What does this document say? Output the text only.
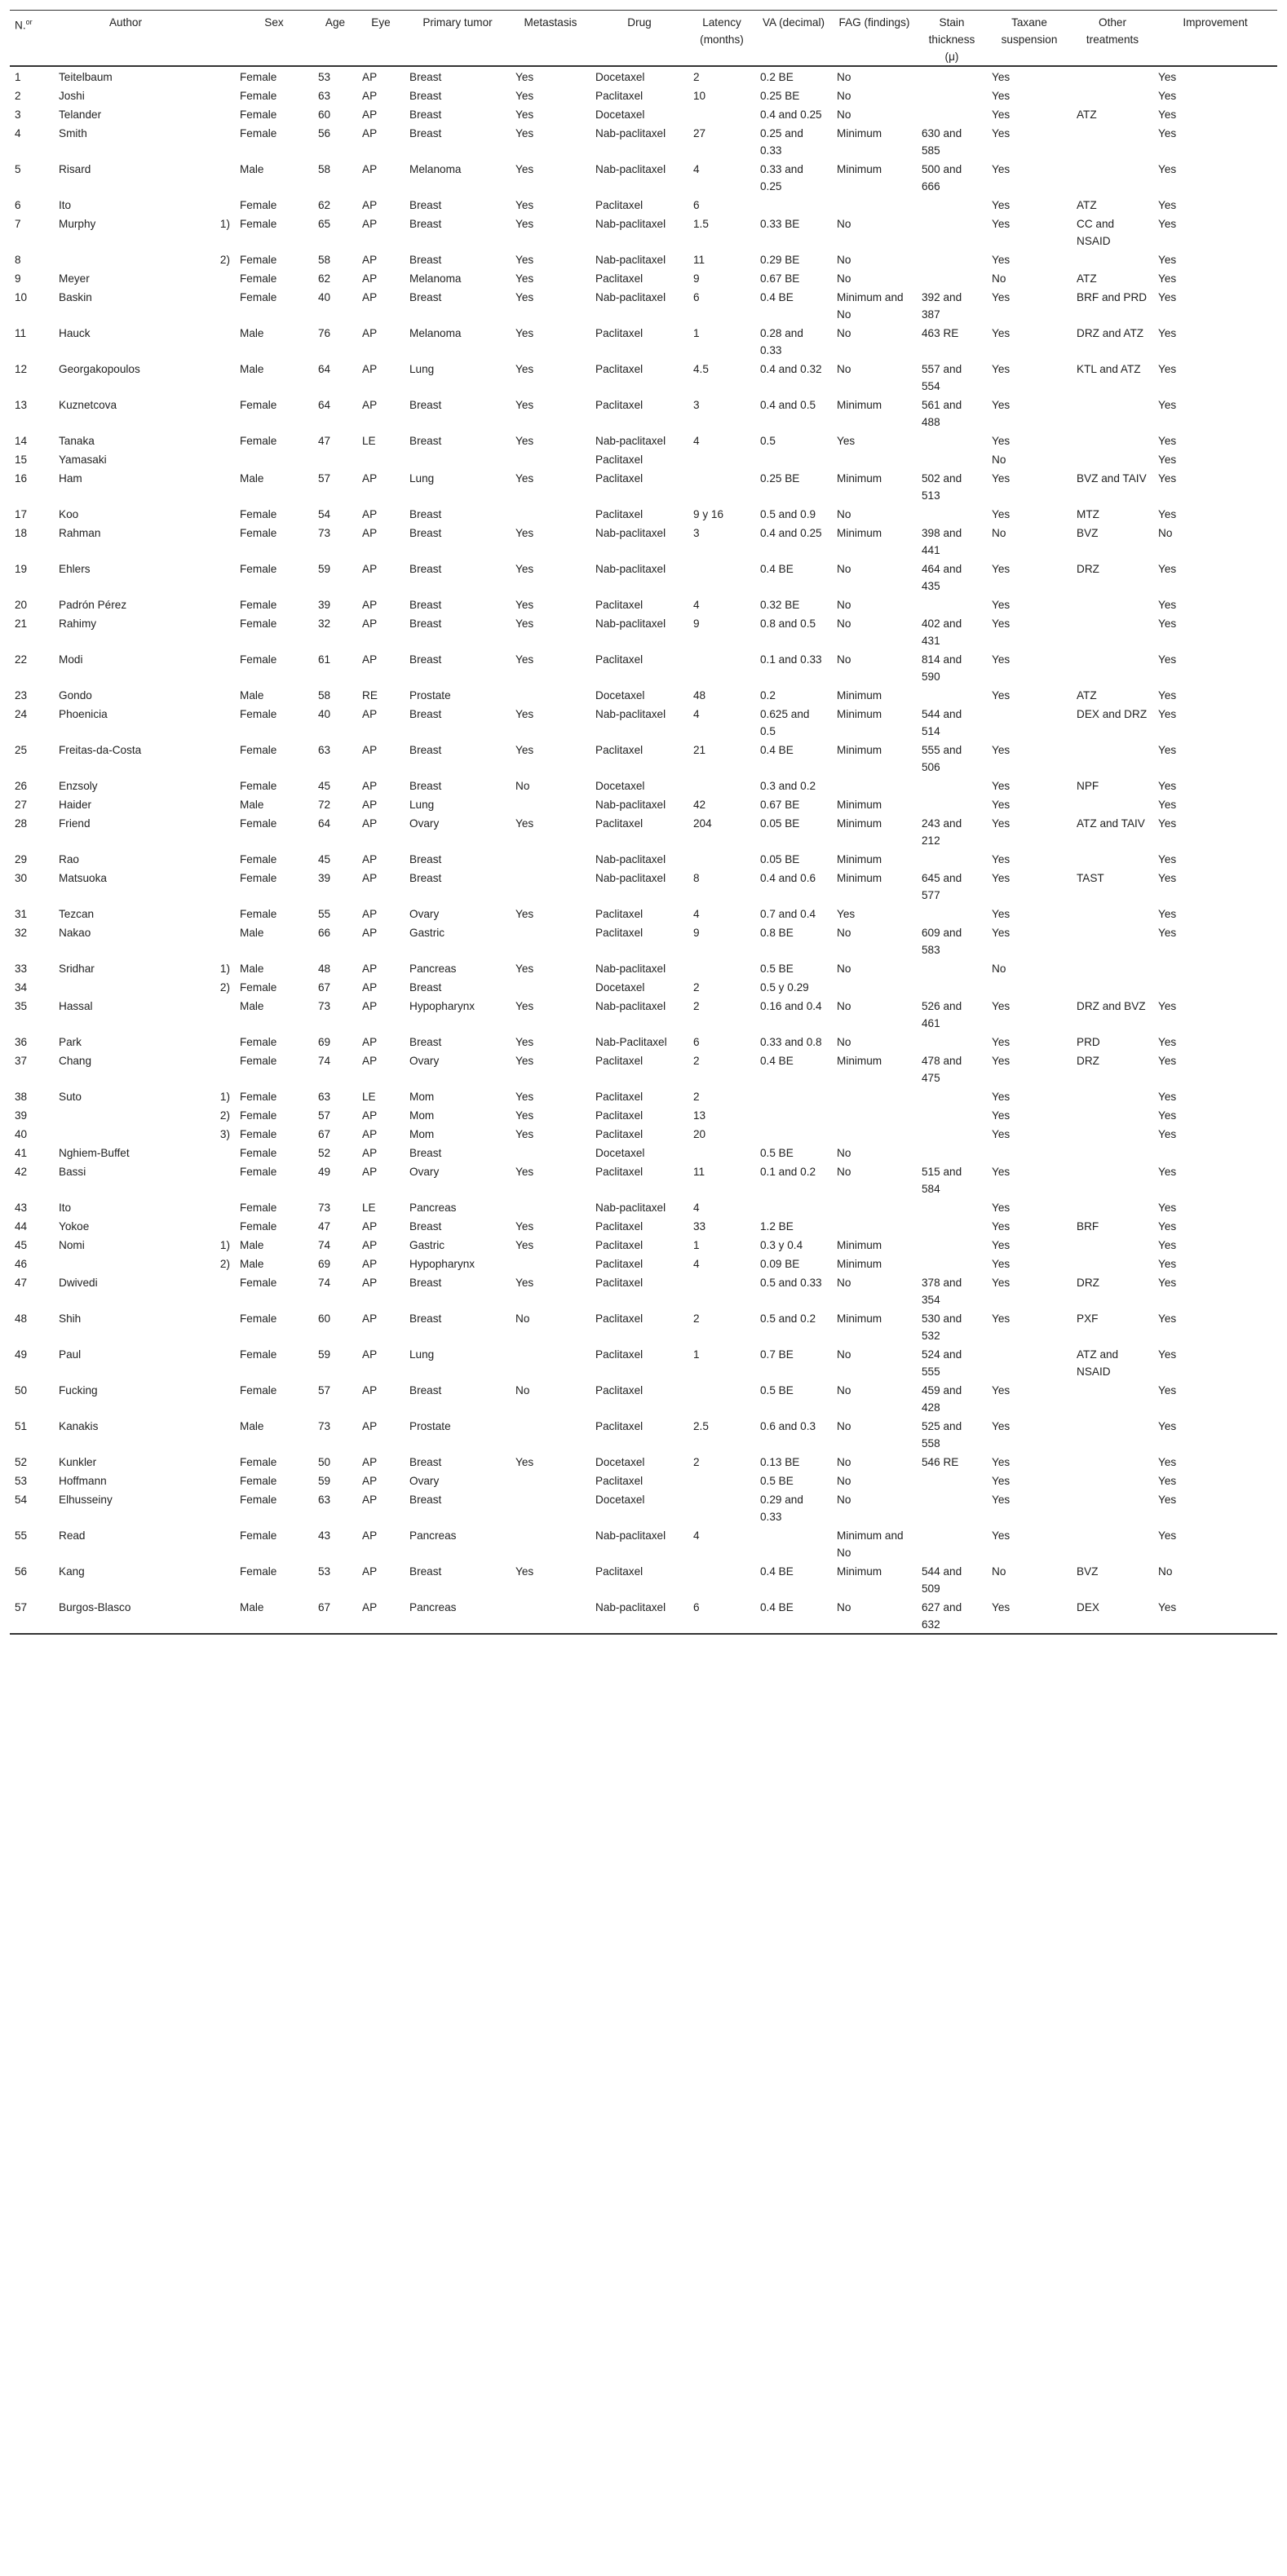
N.$^{or}$	Author		Sex	Age	Eye	Primary tumor	Metastasis	Drug	Latency (months)	VA (decimal)	FAG (findings)	Stain thickness (μ)	Taxane suspension	Other treatments	Improvement
1	Teitelbaum		Female	53	AP	Breast	Yes	Docetaxel	2	0.2 BE	No		Yes		Yes
2	Joshi		Female	63	AP	Breast	Yes	Paclitaxel	10	0.25 BE	No		Yes		Yes
3	Telander		Female	60	AP	Breast	Yes	Docetaxel		0.4 and 0.25	No		Yes	ATZ	Yes
4	Smith		Female	56	AP	Breast	Yes	Nab-paclitaxel	27	0.25 and 0.33	Minimum	630 and 585	Yes		Yes
5	Risard		Male	58	AP	Melanoma	Yes	Nab-paclitaxel	4	0.33 and 0.25	Minimum	500 and 666	Yes		Yes
6	Ito		Female	62	AP	Breast	Yes	Paclitaxel	6				Yes	ATZ	Yes
7	Murphy	1)	Female	65	AP	Breast	Yes	Nab-paclitaxel	1.5	0.33 BE	No		Yes	CC and NSAID	Yes
8		2)	Female	58	AP	Breast	Yes	Nab-paclitaxel	11	0.29 BE	No		Yes		Yes
9	Meyer		Female	62	AP	Melanoma	Yes	Paclitaxel	9	0.67 BE	No		No	ATZ	Yes
10	Baskin		Female	40	AP	Breast	Yes	Nab-paclitaxel	6	0.4 BE	Minimum and No	392 and 387	Yes	BRF and PRD	Yes
11	Hauck		Male	76	AP	Melanoma	Yes	Paclitaxel	1	0.28 and 0.33	No	463 RE	Yes	DRZ and ATZ	Yes
12	Georgakopoulos		Male	64	AP	Lung	Yes	Paclitaxel	4.5	0.4 and 0.32	No	557 and 554	Yes	KTL and ATZ	Yes
13	Kuznetcova		Female	64	AP	Breast	Yes	Paclitaxel	3	0.4 and 0.5	Minimum	561 and 488	Yes		Yes
14	Tanaka		Female	47	LE	Breast	Yes	Nab-paclitaxel	4	0.5	Yes		Yes		Yes
15	Yamasaki							Paclitaxel					No		Yes
16	Ham		Male	57	AP	Lung	Yes	Paclitaxel		0.25 BE	Minimum	502 and 513	Yes	BVZ and TAIV	Yes
17	Koo		Female	54	AP	Breast		Paclitaxel	9 y 16	0.5 and 0.9	No		Yes	MTZ	Yes
18	Rahman		Female	73	AP	Breast	Yes	Nab-paclitaxel	3	0.4 and 0.25	Minimum	398 and 441	No	BVZ	No
19	Ehlers		Female	59	AP	Breast	Yes	Nab-paclitaxel		0.4 BE	No	464 and 435	Yes	DRZ	Yes
20	Padrón Pérez		Female	39	AP	Breast	Yes	Paclitaxel	4	0.32 BE	No		Yes		Yes
21	Rahimy		Female	32	AP	Breast	Yes	Nab-paclitaxel	9	0.8 and 0.5	No	402 and 431	Yes		Yes
22	Modi		Female	61	AP	Breast	Yes	Paclitaxel		0.1 and 0.33	No	814 and 590	Yes		Yes
23	Gondo		Male	58	RE	Prostate		Docetaxel	48	0.2	Minimum		Yes	ATZ	Yes
24	Phoenicia		Female	40	AP	Breast	Yes	Nab-paclitaxel	4	0.625 and 0.5	Minimum	544 and 514		DEX and DRZ	Yes
25	Freitas-da-Costa		Female	63	AP	Breast	Yes	Paclitaxel	21	0.4 BE	Minimum	555 and 506	Yes		Yes
26	Enzsoly		Female	45	AP	Breast	No	Docetaxel		0.3 and 0.2			Yes	NPF	Yes
27	Haider		Male	72	AP	Lung		Nab-paclitaxel	42	0.67 BE	Minimum		Yes		Yes
28	Friend		Female	64	AP	Ovary	Yes	Paclitaxel	204	0.05 BE	Minimum	243 and 212	Yes	ATZ and TAIV	Yes
29	Rao		Female	45	AP	Breast		Nab-paclitaxel		0.05 BE	Minimum		Yes		Yes
30	Matsuoka		Female	39	AP	Breast		Nab-paclitaxel	8	0.4 and 0.6	Minimum	645 and 577	Yes	TAST	Yes
31	Tezcan		Female	55	AP	Ovary	Yes	Paclitaxel	4	0.7 and 0.4	Yes		Yes		Yes
32	Nakao		Male	66	AP	Gastric		Paclitaxel	9	0.8 BE	No	609 and 583	Yes		Yes
33	Sridhar	1)	Male	48	AP	Pancreas	Yes	Nab-paclitaxel		0.5 BE	No		No		
34		2)	Female	67	AP	Breast		Docetaxel	2	0.5 y 0.29					
35	Hassal		Male	73	AP	Hypopharynx	Yes	Nab-paclitaxel	2	0.16 and 0.4	No	526 and 461	Yes	DRZ and BVZ	Yes
36	Park		Female	69	AP	Breast	Yes	Nab-Paclitaxel	6	0.33 and 0.8	No		Yes	PRD	Yes
37	Chang		Female	74	AP	Ovary	Yes	Paclitaxel	2	0.4 BE	Minimum	478 and 475	Yes	DRZ	Yes
38	Suto	1)	Female	63	LE	Mom	Yes	Paclitaxel	2				Yes		Yes
39		2)	Female	57	AP	Mom	Yes	Paclitaxel	13				Yes		Yes
40		3)	Female	67	AP	Mom	Yes	Paclitaxel	20				Yes		Yes
41	Nghiem-Buffet		Female	52	AP	Breast		Docetaxel		0.5 BE	No				
42	Bassi		Female	49	AP	Ovary	Yes	Paclitaxel	11	0.1 and 0.2	No	515 and 584	Yes		Yes
43	Ito		Female	73	LE	Pancreas		Nab-paclitaxel	4				Yes		Yes
44	Yokoe		Female	47	AP	Breast	Yes	Paclitaxel	33	1.2 BE			Yes	BRF	Yes
45	Nomi	1)	Male	74	AP	Gastric	Yes	Paclitaxel	1	0.3 y 0.4	Minimum		Yes		Yes
46		2)	Male	69	AP	Hypopharynx		Paclitaxel	4	0.09 BE	Minimum		Yes		Yes
47	Dwivedi		Female	74	AP	Breast	Yes	Paclitaxel		0.5 and 0.33	No	378 and 354	Yes	DRZ	Yes
48	Shih		Female	60	AP	Breast	No	Paclitaxel	2	0.5 and 0.2	Minimum	530 and 532	Yes	PXF	Yes
49	Paul		Female	59	AP	Lung		Paclitaxel	1	0.7 BE	No	524 and 555		ATZ and NSAID	Yes
50	Fucking		Female	57	AP	Breast	No	Paclitaxel		0.5 BE	No	459 and 428	Yes		Yes
51	Kanakis		Male	73	AP	Prostate		Paclitaxel	2.5	0.6 and 0.3	No	525 and 558	Yes		Yes
52	Kunkler		Female	50	AP	Breast	Yes	Docetaxel	2	0.13 BE	No	546 RE	Yes		Yes
53	Hoffmann		Female	59	AP	Ovary		Paclitaxel		0.5 BE	No		Yes		Yes
54	Elhusseiny		Female	63	AP	Breast		Docetaxel		0.29 and 0.33	No		Yes		Yes
55	Read		Female	43	AP	Pancreas		Nab-paclitaxel	4		Minimum and No		Yes		Yes
56	Kang		Female	53	AP	Breast	Yes	Paclitaxel		0.4 BE	Minimum	544 and 509	No	BVZ	No
57	Burgos-Blasco		Male	67	AP	Pancreas		Nab-paclitaxel	6	0.4 BE	No	627 and 632	Yes	DEX	Yes
